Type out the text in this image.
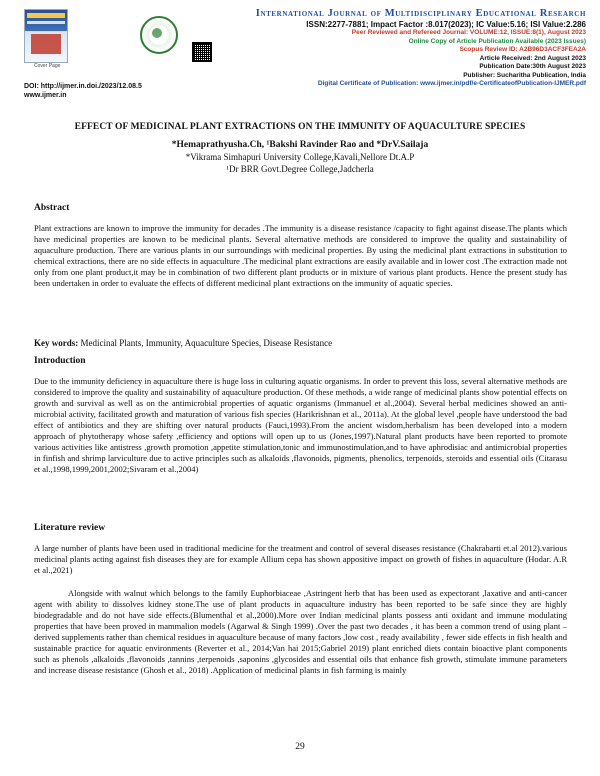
Cover Page
DOI: http://ijmer.in.doi./2023/12.08.5
www.ijmer.in
International Journal of Multidisciplinary Educational Research
ISSN:2277-7881; Impact Factor :8.017(2023); IC Value:5.16; ISI Value:2.286
Peer Reviewed and Refereed Journal: VOLUME:12, ISSUE:8(1), August 2023
Online Copy of Article Publication Available (2023 Issues)
Scopus Review ID: A2B96D3ACF3FEA2A
Article Received: 2nd August 2023
Publication Date:30th August 2023
Publisher: Sucharitha Publication, India
Digital Certificate of Publication: www.ijmer.in/pdf/e-CertificateofPublication-IJMER.pdf
EFFECT OF MEDICINAL PLANT EXTRACTIONS ON THE IMMUNITY OF AQUACULTURE SPECIES
*Hemaprathyusha.Ch, ¹Bakshi Ravinder Rao and *DrV.Sailaja
*Vikrama Simhapuri University College,Kavali,Nellore Dt.A.P
¹Dr BRR Govt.Degree College,Jadcherla
Abstract
Plant extractions are known to improve the immunity for decades .The immunity is a disease resistance /capacity to fight against disease.The plants which have medicinal properties are known to be medicinal plants. Several alternative methods are considered to improve the quality and sustainability of aquaculture production. There are various plants in our surroundings with medicinal properties. By using the medicinal plant extractions in substitution to chemical extractions, there are no side effects in aquaculture .The medicinal plant extractions are easily available and in lower cost .The extraction made not only from one plant product,it may be in combination of two different plant products or in mixture of various plant products. Hence the present study has been undertaken in order to evaluate the effects of different medicinal plant extractions on the immunity of aquatic species.
Key words: Medicinal Plants, Immunity, Aquaculture Species, Disease Resistance
Introduction
Due to the immunity deficiency in aquaculture there is huge loss in culturing aquatic organisms. In order to prevent this loss, several alternative methods are considered to improve the quality and sustainability of aquaculture production. Of these methods, a wide range of medicinal plants show potential effects on growth and survival as well as on the antimicrobial properties of aquatic organisms (Immanuel et al.,2004). Several herbal medicines showed an anti-microbial activity, facilitated growth and maturation of various fish species (Harikrishnan et al., 2011a). At the global level ,people have understood the bad effect of antibiotics and they are shifting over natural products (Fauci,1993).From the ancient wisdom,herbalism has been developed into a modern approach of phytotherapy whose safety ,efficiency and options will open up to us (Jones,1997).Natural plant products have been reported to promote various activities like antistress ,growth promotion ,appetite stimulation,tonic and immunostimulation,and to have aphrodisiac and antimicrobial properties in finfish and shrimp larviculture due to active principles such as alkaloids ,flavonoids, pigments, phenolics, terpenoids, steroids and essential oils (Citarasu et al.,1998,1999,2001,2002;Sivaram et al.,2004)
Literature review
A large number of plants have been used in traditional medicine for the treatment and control of several diseases resistance (Chakrabarti et.al 2012).various medicinal plants acting against fish diseases they are for example Allium cepa has shown appositive impact on growth of fishes in aquaculture (Hodar. A.R et al.,2021)
Alongside with walnut which belongs to the family Euphorbiaceae ,Astringent herb that has been used as expectorant ,laxative and anti-cancer agent with ability to dissolves kidney stone.The use of plant products in aquaculture industry has been reported to be safe since they are highly biodegradable and do not have side effects.(Blumenthal et al.,2000).More over Indian medicinal plants possess anti oxidant and immune modulating properties that have been proved in mammalion models (Agarwal & Singh 1999) .Over the past two decades , it has been a common trend of using plant –derived supplements rather than chemical residues in aquaculture because of many factors ,low cost , ready availability , fewer side effects in fish health and sustainable practice for aquatic environments (Reverter et al., 2014;Van hai 2015;Gabriel 2019) plant enriched diets contain bioactive plant components such as phenols ,alkaloids ,flavonoids ,tannins ,terpenoids ,saponins ,glycosides and essential oils that enhance fish growth, stimulate immune parameters and increase disease resistance (Ghosh et al., 2018) .Application of medicinal plants in fish farming is mainly
29
